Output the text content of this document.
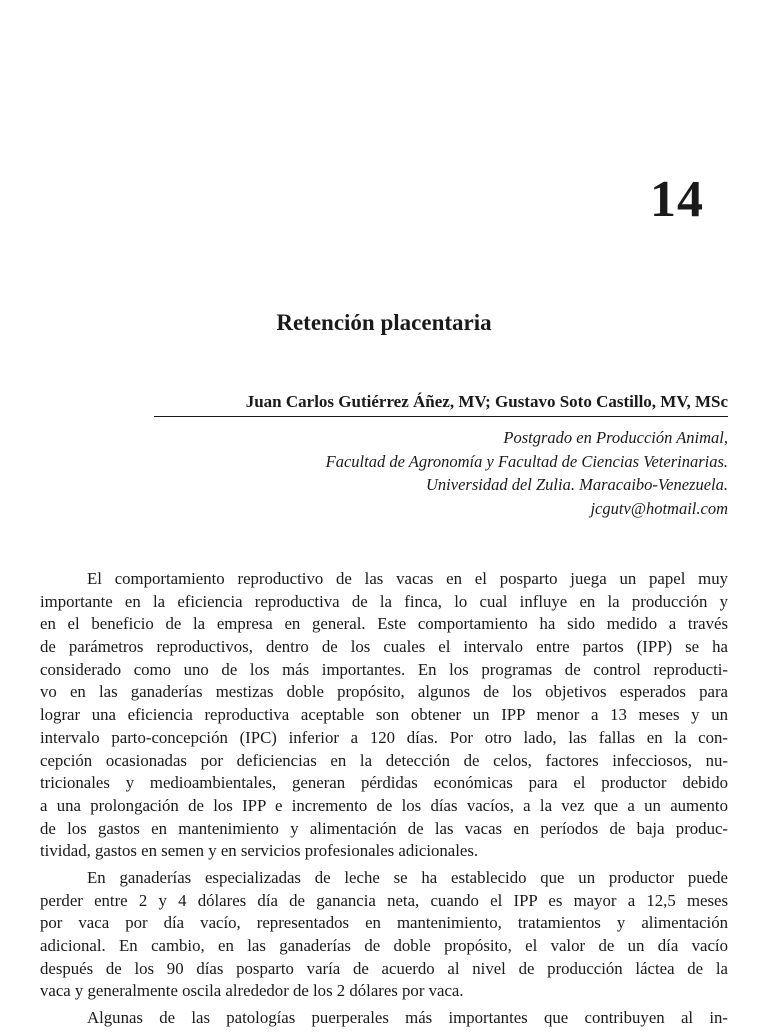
14
Retención placentaria
Juan Carlos Gutiérrez Áñez, MV; Gustavo Soto Castillo, MV, MSc
Postgrado en Producción Animal,
Facultad de Agronomía y Facultad de Ciencias Veterinarias.
Universidad del Zulia. Maracaibo-Venezuela.
jcgutv@hotmail.com
El comportamiento reproductivo de las vacas en el posparto juega un papel muy
importante en la eficiencia reproductiva de la finca, lo cual influye en la producción y
en el beneficio de la empresa en general. Este comportamiento ha sido medido a través
de parámetros reproductivos, dentro de los cuales el intervalo entre partos (IPP) se ha
considerado como uno de los más importantes. En los programas de control reproducti-
vo en las ganaderías mestizas doble propósito, algunos de los objetivos esperados para
lograr una eficiencia reproductiva aceptable son obtener un IPP menor a 13 meses y un
intervalo parto-concepción (IPC) inferior a 120 días. Por otro lado, las fallas en la con-
cepción ocasionadas por deficiencias en la detección de celos, factores infecciosos, nu-
tricionales y medioambientales, generan pérdidas económicas para el productor debido
a una prolongación de los IPP e incremento de los días vacíos, a la vez que a un aumento
de los gastos en mantenimiento y alimentación de las vacas en períodos de baja produc-
tividad, gastos en semen y en servicios profesionales adicionales.
En ganaderías especializadas de leche se ha establecido que un productor puede
perder entre 2 y 4 dólares día de ganancia neta, cuando el IPP es mayor a 12,5 meses
por vaca por día vacío, representados en mantenimiento, tratamientos y alimentación
adicional. En cambio, en las ganaderías de doble propósito, el valor de un día vacío
después de los 90 días posparto varía de acuerdo al nivel de producción láctea de la
vaca y generalmente oscila alrededor de los 2 dólares por vaca.
Algunas de las patologías puerperales más importantes que contribuyen al in-
